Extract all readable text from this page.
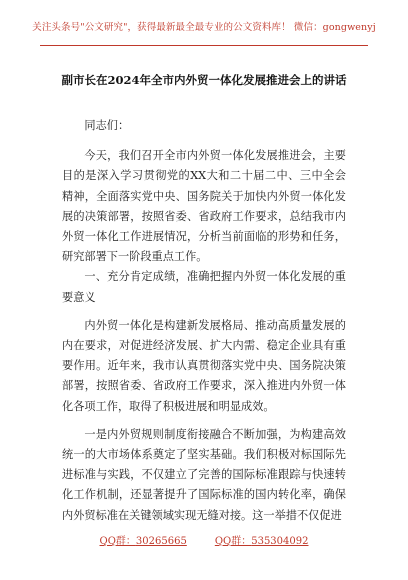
关注头条号"公文研究"，获得最新最全最专业的公文资料库！ 微信：gongwenyj
副市长在2024年全市内外贸一体化发展推进会上的讲话

同志们：

今天，我们召开全市内外贸一体化发展推进会，主要目的是深入学习贯彻党的XX大和二十届二中、三中全会精神，全面落实党中央、国务院关于加快内外贸一体化发展的决策部署，按照省委、省政府工作要求，总结我市内外贸一体化工作进展情况，分析当前面临的形势和任务，研究部署下一阶段重点工作。

一、充分肯定成绩，准确把握内外贸一体化发展的重要意义

内外贸一体化是构建新发展格局、推动高质量发展的内在要求，对促进经济发展、扩大内需、稳定企业具有重要作用。近年来，我市认真贯彻落实党中央、国务院决策部署，按照省委、省政府工作要求，深入推进内外贸一体化各项工作，取得了积极进展和明显成效。

一是内外贸规则制度衔接融合不断加强，为构建高效统一的大市场体系奠定了坚实基础。我们积极对标国际先进标准与实践，不仅建立了完善的国际标准跟踪与快速转化工作机制，还显著提升了国际标准的国内转化率，确保内外贸标准在关键领域实现无缝对接。这一举措不仅促进

QQ群：30265665	QQ群：535304092
